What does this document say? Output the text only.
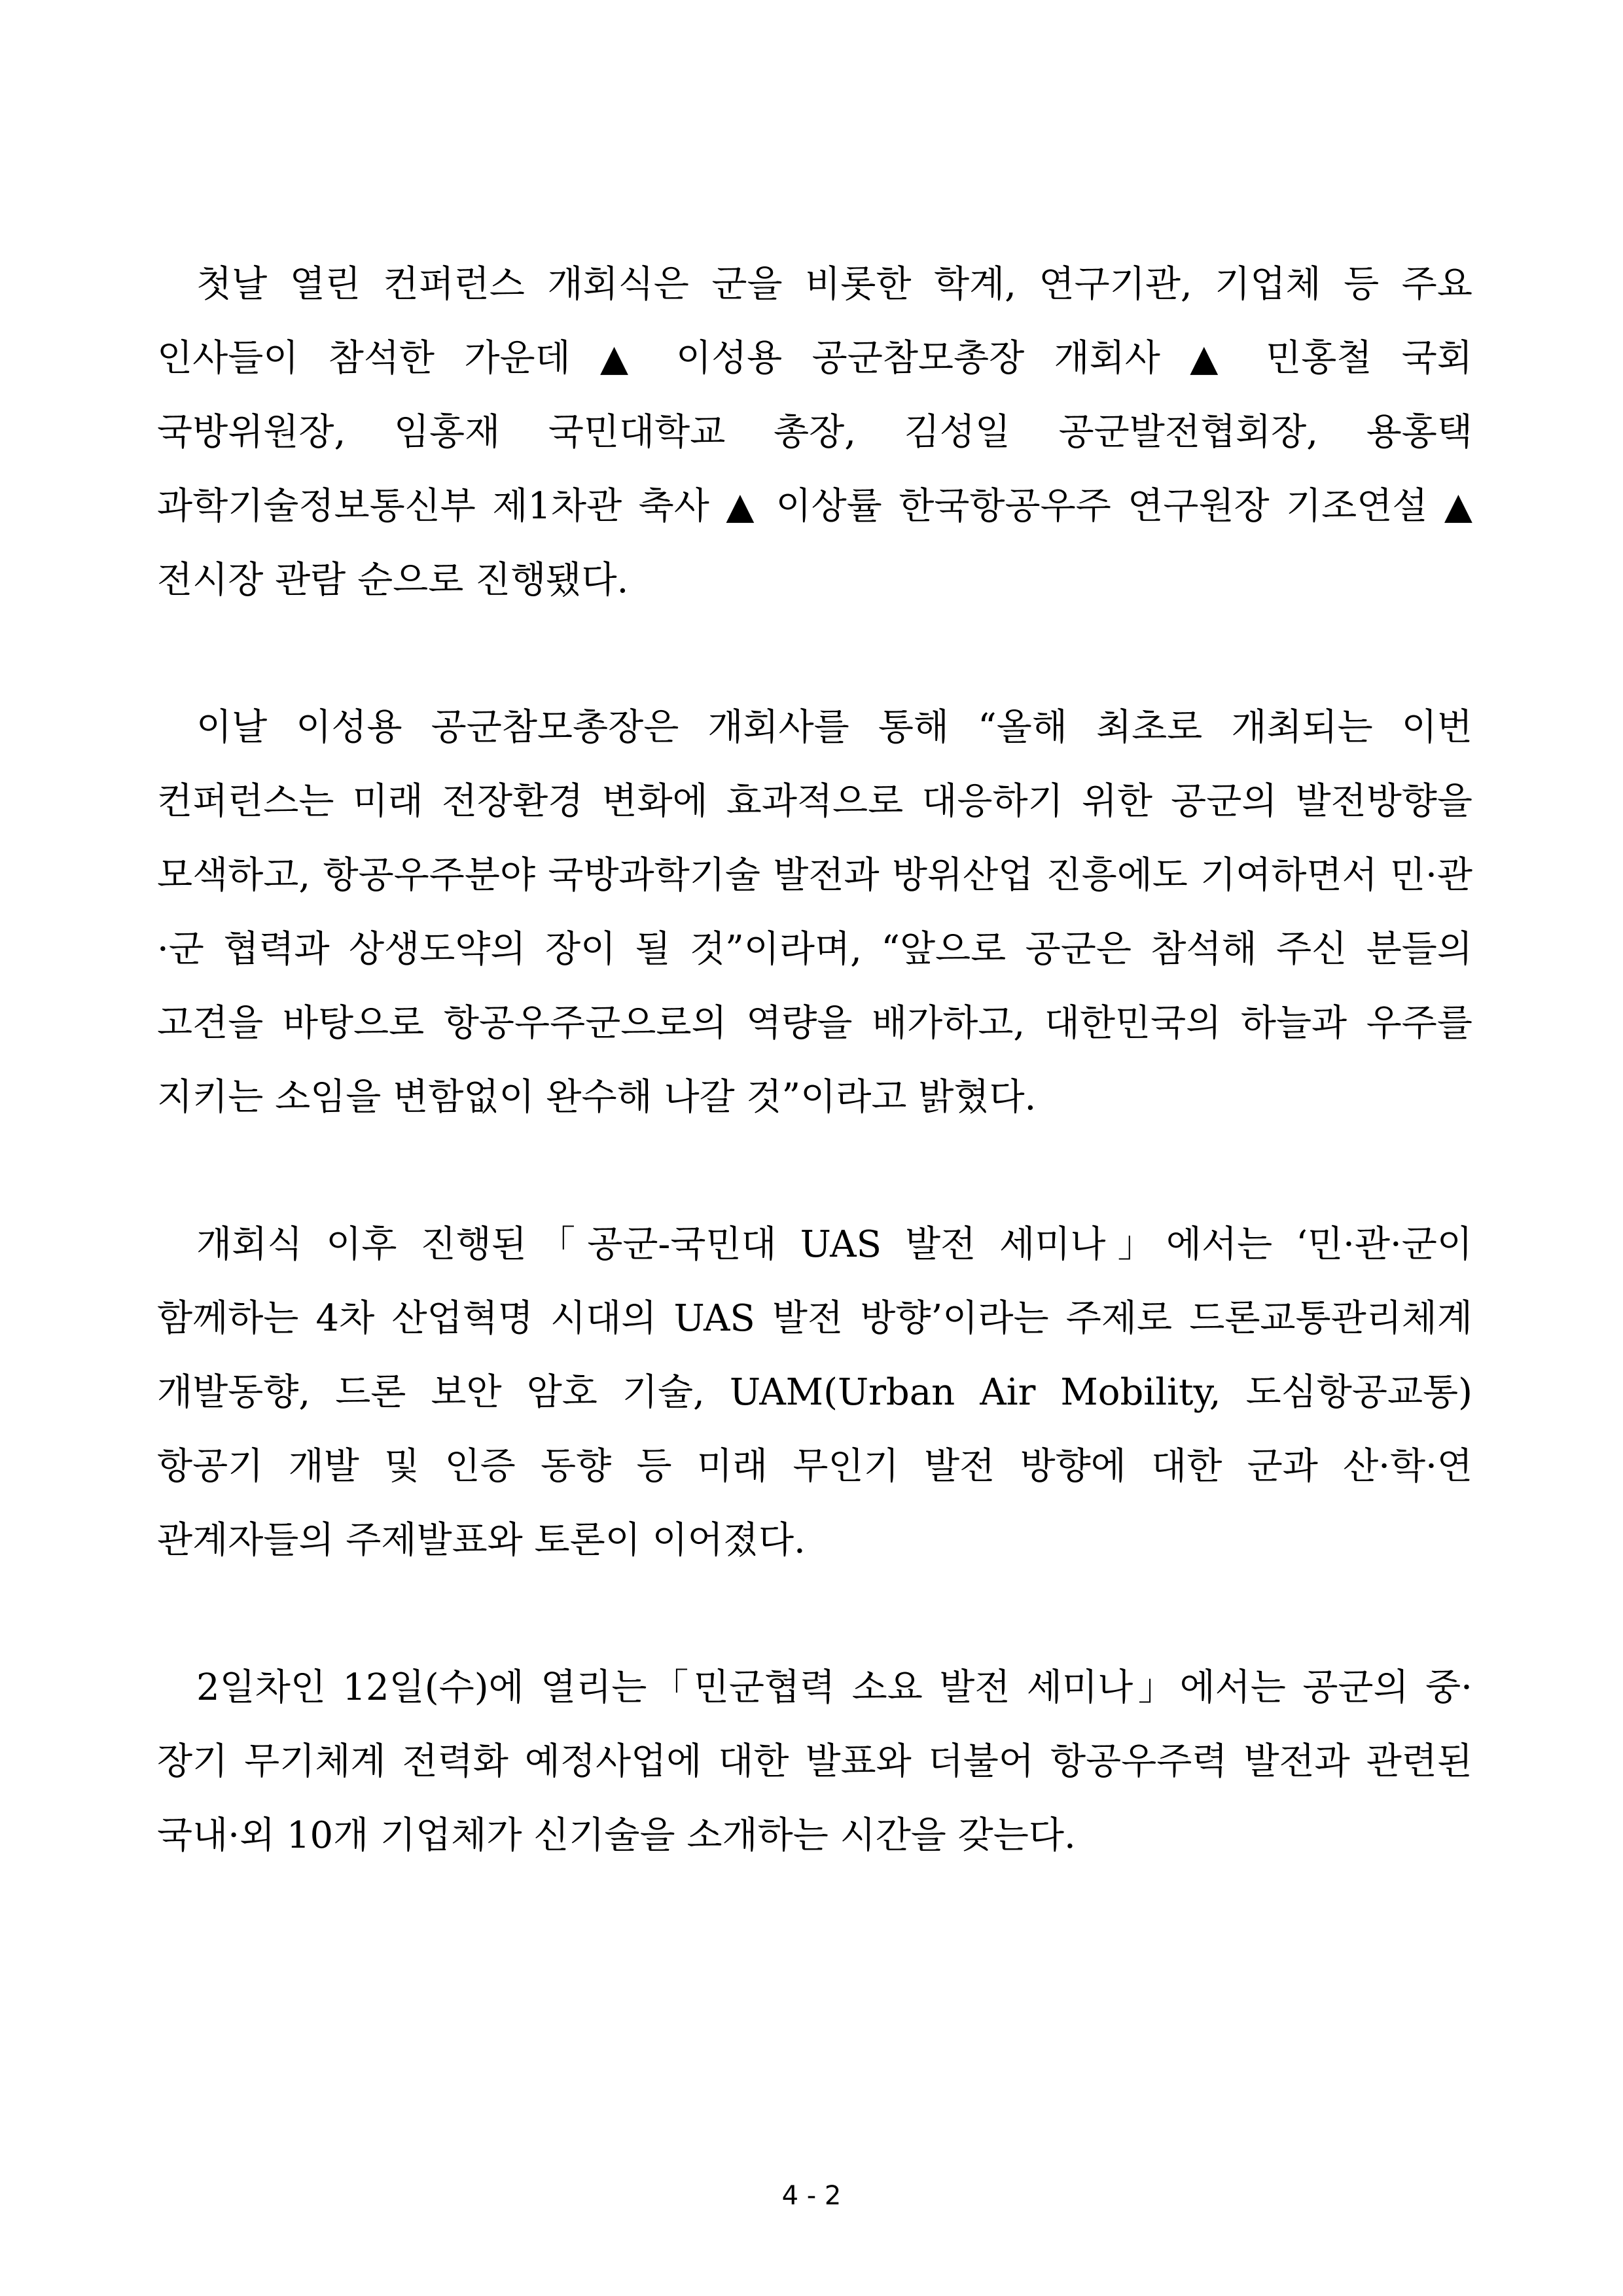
첫날 열린 컨퍼런스 개회식은 군을 비롯한 학계, 연구기관, 기업체 등 주요 인사들이 참석한 가운데 ▲ 이성용 공군참모총장 개회사 ▲ 민홍철 국회 국방위원장, 임홍재 국민대학교 총장, 김성일 공군발전협회장, 용홍택 과학기술정보통신부 제1차관 축사 ▲ 이상률 한국항공우주 연구원장 기조연설 ▲ 전시장 관람 순으로 진행됐다.

이날 이성용 공군참모총장은 개회사를 통해 “올해 최초로 개최되는 이번 컨퍼런스는 미래 전장환경 변화에 효과적으로 대응하기 위한 공군의 발전방향을 모색하고, 항공우주분야 국방과학기술 발전과 방위산업 진흥에도 기여하면서 민·관·군 협력과 상생도약의 장이 될 것”이라며, “앞으로 공군은 참석해 주신 분들의 고견을 바탕으로 항공우주군으로의 역량을 배가하고, 대한민국의 하늘과 우주를 지키는 소임을 변함없이 완수해 나갈 것”이라고 밝혔다.

개회식 이후 진행된「공군-국민대 UAS 발전 세미나」에서는 ‘민·관·군이 함께하는 4차 산업혁명 시대의 UAS 발전 방향’이라는 주제로 드론교통관리체계 개발동향, 드론 보안 암호 기술, UAM(Urban Air Mobility, 도심항공교통) 항공기 개발 및 인증 동향 등 미래 무인기 발전 방향에 대한 군과 산·학·연 관계자들의 주제발표와 토론이 이어졌다.

2일차인 12일(수)에 열리는「민군협력 소요 발전 세미나」에서는 공군의 중·장기 무기체계 전력화 예정사업에 대한 발표와 더불어 항공우주력 발전과 관련된 국내·외 10개 기업체가 신기술을 소개하는 시간을 갖는다.

4 - 2
